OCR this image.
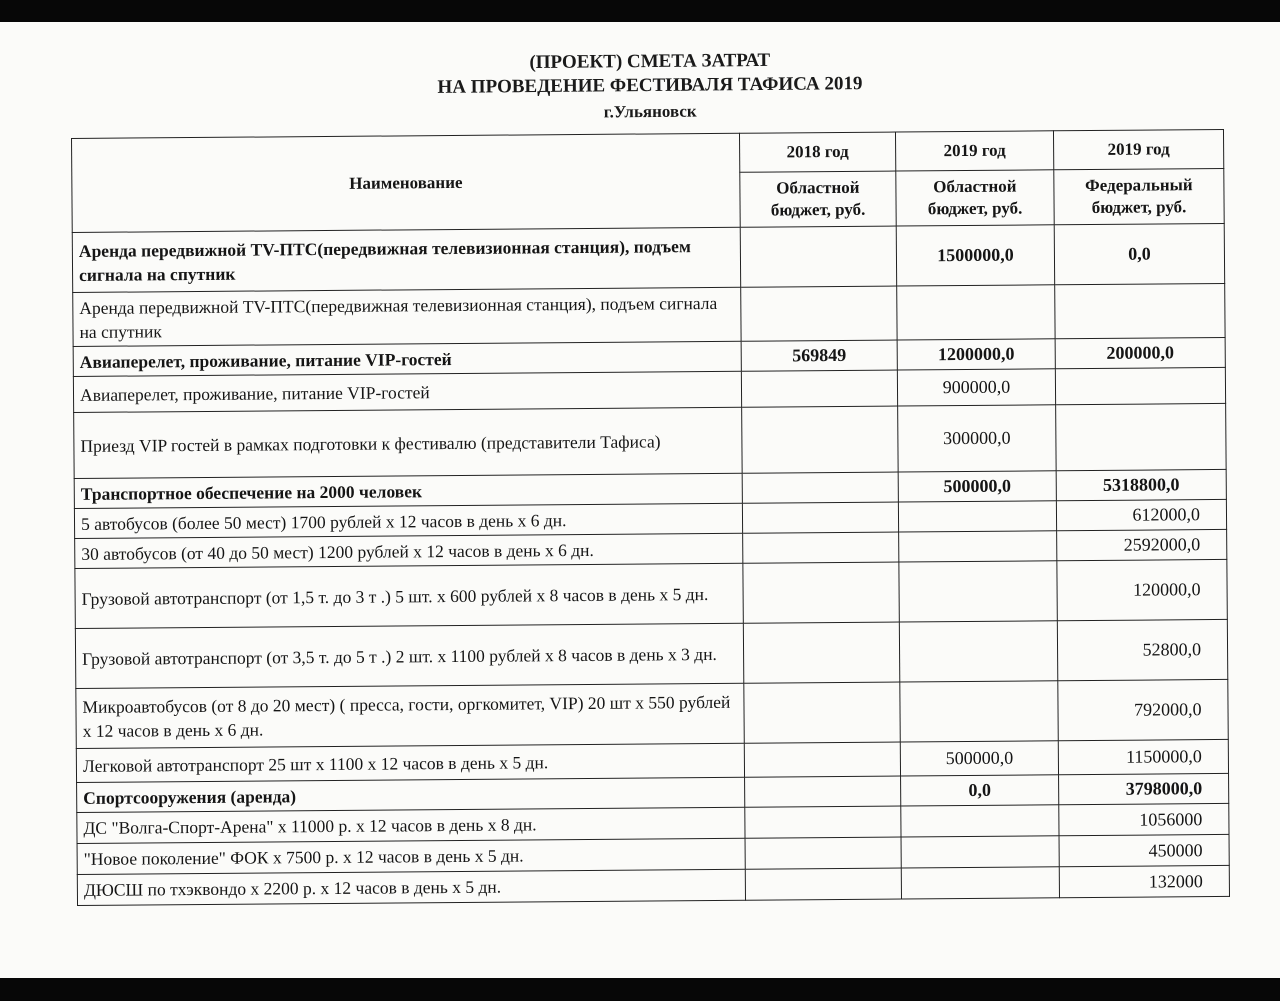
(ПРОЕКТ) СМЕТА ЗАТРАТ
НА ПРОВЕДЕНИЕ ФЕСТИВАЛЯ ТАФИСА 2019
г.Ульяновск
Наименование	2018 год	2019 год	2019 год
	Областной бюджет, руб.	Областной бюджет, руб.	Федеральный бюджет, руб.
Аренда передвижной TV-ПТС(передвижная телевизионная станция), подъем сигнала на спутник		1500000,0	0,0
Аренда передвижной TV-ПТС(передвижная телевизионная станция), подъем сигнала на спутник			
Авиаперелет, проживание, питание VIP-гостей	569849	1200000,0	200000,0
Авиаперелет, проживание, питание VIP-гостей		900000,0	
Приезд VIP гостей в рамках подготовки к фестивалю (представители Тафиса)		300000,0	
Транспортное обеспечение на 2000 человек		500000,0	5318800,0
5 автобусов (более 50 мест) 1700 рублей х 12 часов в день х 6 дн.			612000,0
30 автобусов (от 40 до 50 мест) 1200 рублей х 12 часов в день х 6 дн.			2592000,0
Грузовой автотранспорт (от 1,5 т. до 3 т .) 5 шт. х 600 рублей х 8 часов в день х 5 дн.			120000,0
Грузовой автотранспорт (от 3,5 т. до 5 т .) 2 шт. х 1100 рублей х 8 часов в день х 3 дн.			52800,0
Микроавтобусов (от 8 до 20 мест) ( пресса, гости, оргкомитет, VIP) 20 шт х 550 рублей х 12 часов в день х 6 дн.			792000,0
Легковой автотранспорт 25 шт х 1100 х 12 часов в день х 5 дн.		500000,0	1150000,0
Спортсооружения (аренда)		0,0	3798000,0
ДС "Волга-Спорт-Арена" х 11000 р. х 12 часов в день х 8 дн.			1056000
"Новое поколение" ФОК х 7500 р. х 12 часов в день х 5 дн.			450000
ДЮСШ по тхэквондо х 2200 р. х 12 часов в день х 5 дн.			132000
